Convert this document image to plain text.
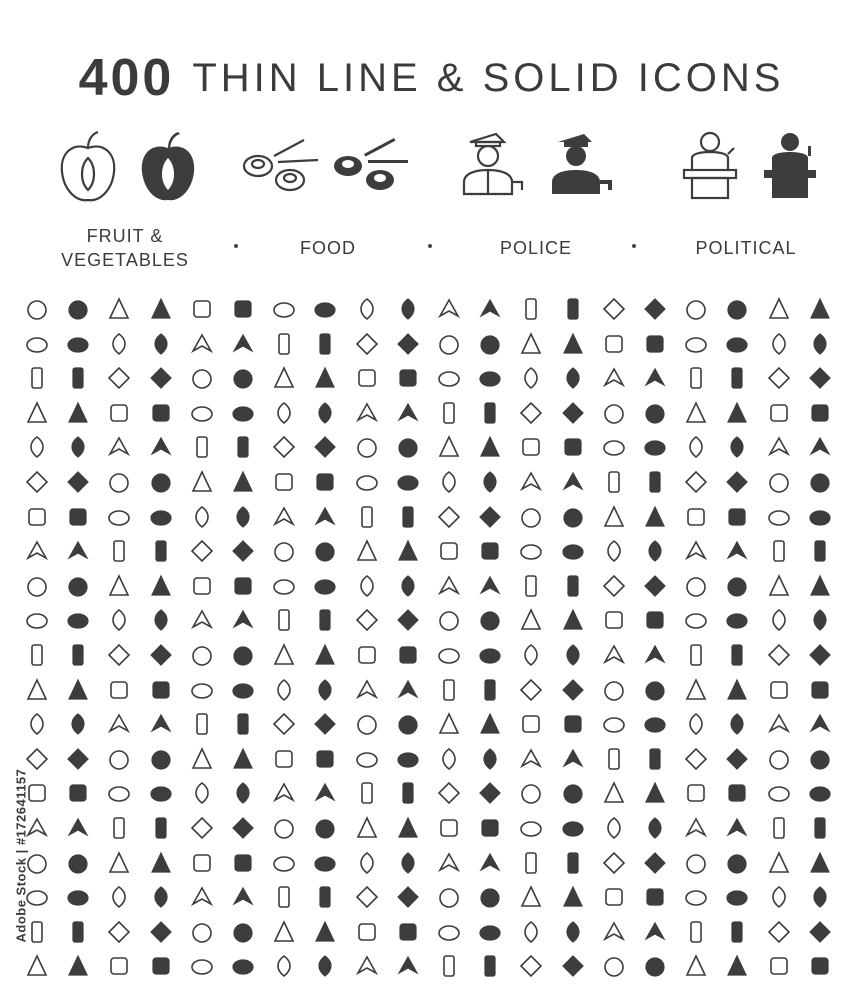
400 THIN LINE & SOLID ICONS
FRUIT &
VEGETABLES
FOOD	POLICE	POLITICAL
Adobe Stock | #172641157
